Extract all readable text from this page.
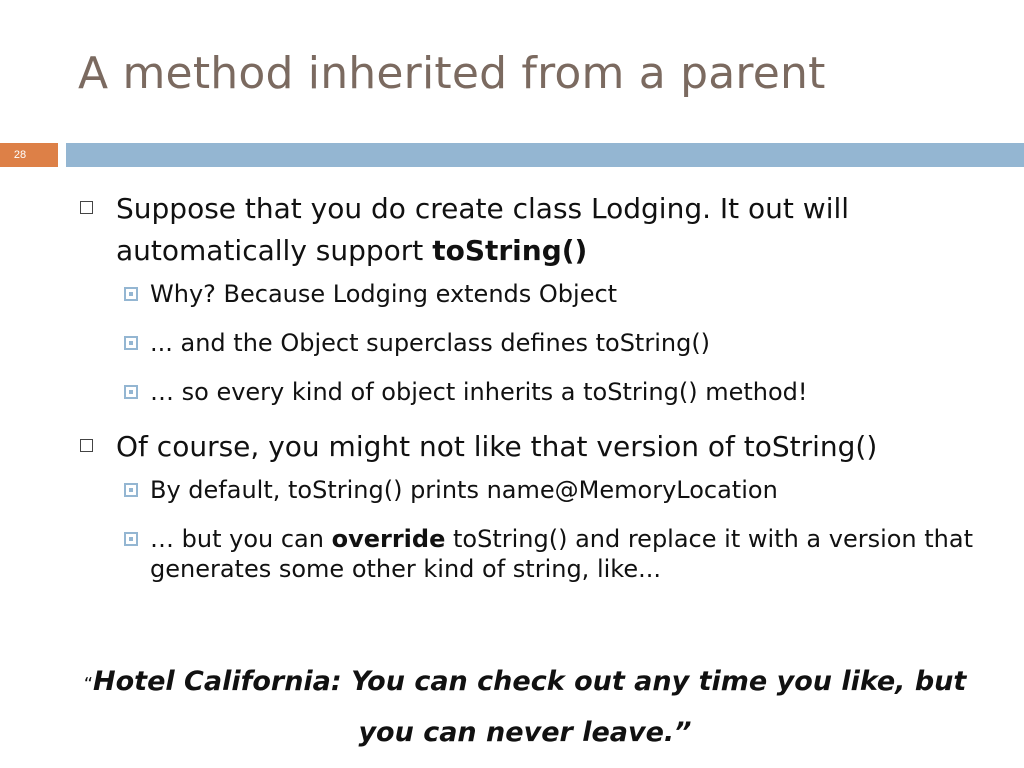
A method inherited from a parent
28
Suppose that you do create class Lodging. It out will automatically support toString()
Why? Because Lodging extends Object
... and the Object superclass defines toString()
… so every kind of object inherits a toString() method!
Of course, you might not like that version of toString()
By default, toString() prints name@MemoryLocation
… but you can override toString() and replace it with a version that generates some other kind of string, like...
“Hotel California: You can check out any time you like, but you can never leave.”
